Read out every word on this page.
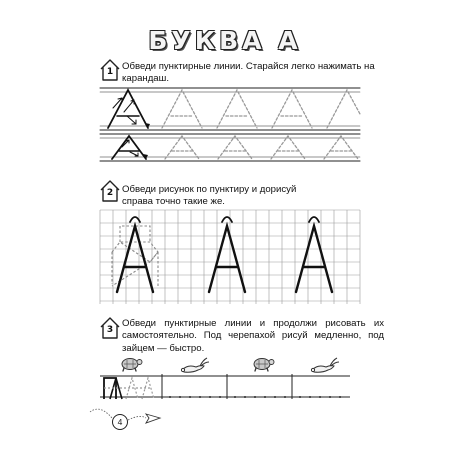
БУКВА А
1 Обведи пунктирные линии. Старайся легко нажимать на карандаш.
2 Обведи рисунок по пунктиру и дорисуй справа точно такие же.
3
Обведи пунктирные линии и продолжи рисовать их самостоятельно. Под черепахой рисуй медленно, под зайцем — быстро.
4
